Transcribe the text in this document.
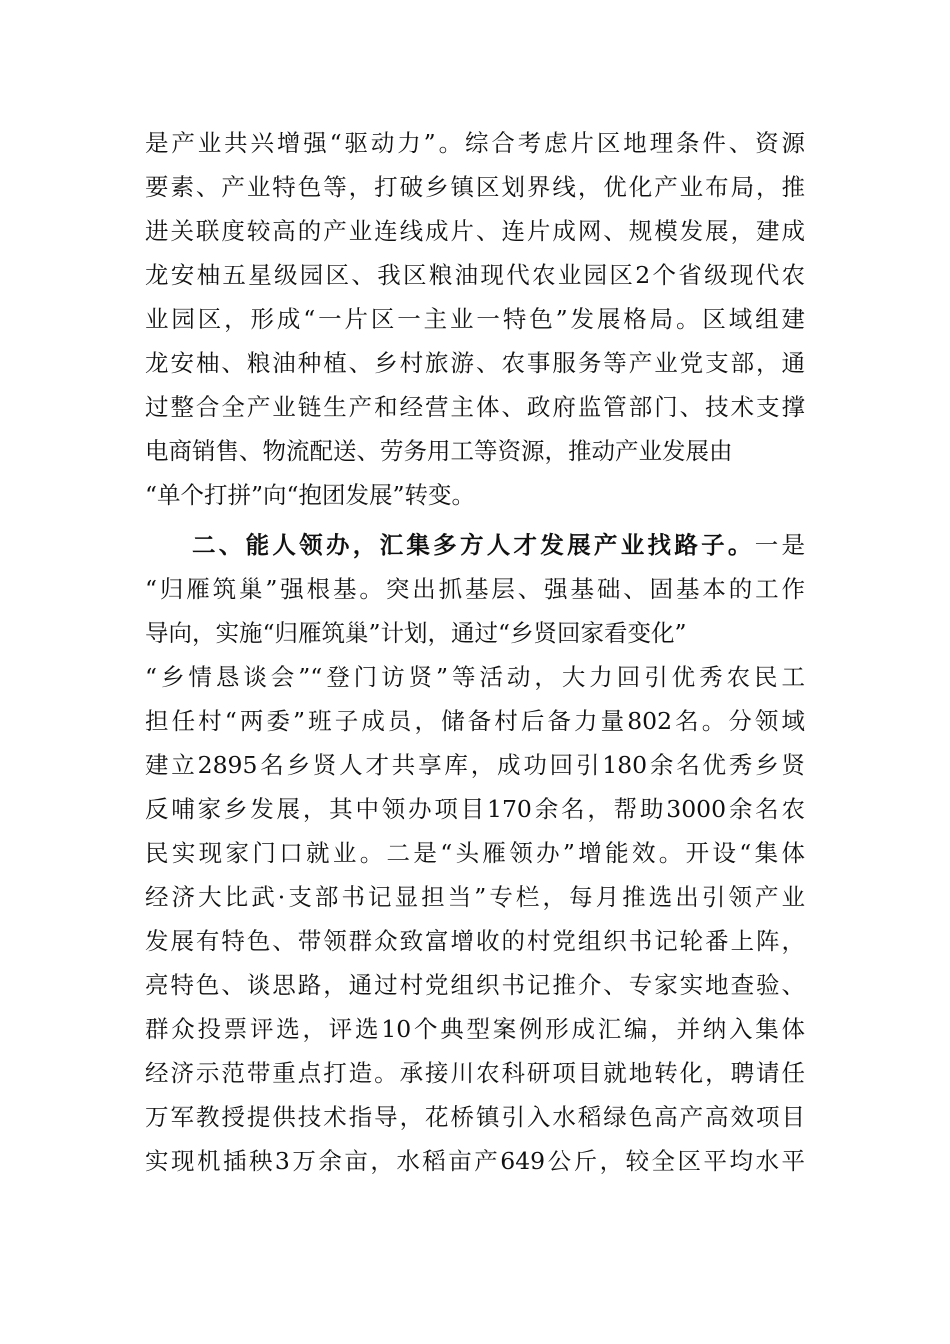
是产业共兴增强“驱动力”。综合考虑片区地理条件、资源
要素、产业特色等，打破乡镇区划界线，优化产业布局，推
进关联度较高的产业连线成片、连片成网、规模发展，建成
龙安柚五星级园区、我区粮油现代农业园区2个省级现代农
业园区，形成“一片区一主业一特色”发展格局。区域组建
龙安柚、粮油种植、乡村旅游、农事服务等产业党支部，通
过整合全产业链生产和经营主体、政府监管部门、技术支撑
电商销售、物流配送、劳务用工等资源，推动产业发展由
“单个打拼”向“抱团发展”转变。
二、能人领办，汇集多方人才发展产业找路子。一是
“归雁筑巢”强根基。突出抓基层、强基础、固基本的工作
导向，实施“归雁筑巢”计划，通过“乡贤回家看变化”
“乡情恳谈会”“登门访贤”等活动，大力回引优秀农民工
担任村“两委”班子成员，储备村后备力量802名。分领域
建立2895名乡贤人才共享库，成功回引180余名优秀乡贤
反哺家乡发展，其中领办项目170余名，帮助3000余名农
民实现家门口就业。二是“头雁领办”增能效。开设“集体
经济大比武·支部书记显担当”专栏，每月推选出引领产业
发展有特色、带领群众致富增收的村党组织书记轮番上阵，
亮特色、谈思路，通过村党组织书记推介、专家实地查验、
群众投票评选，评选10个典型案例形成汇编，并纳入集体
经济示范带重点打造。承接川农科研项目就地转化，聘请任
万军教授提供技术指导，花桥镇引入水稻绿色高产高效项目
实现机插秧3万余亩，水稻亩产649公斤，较全区平均水平
